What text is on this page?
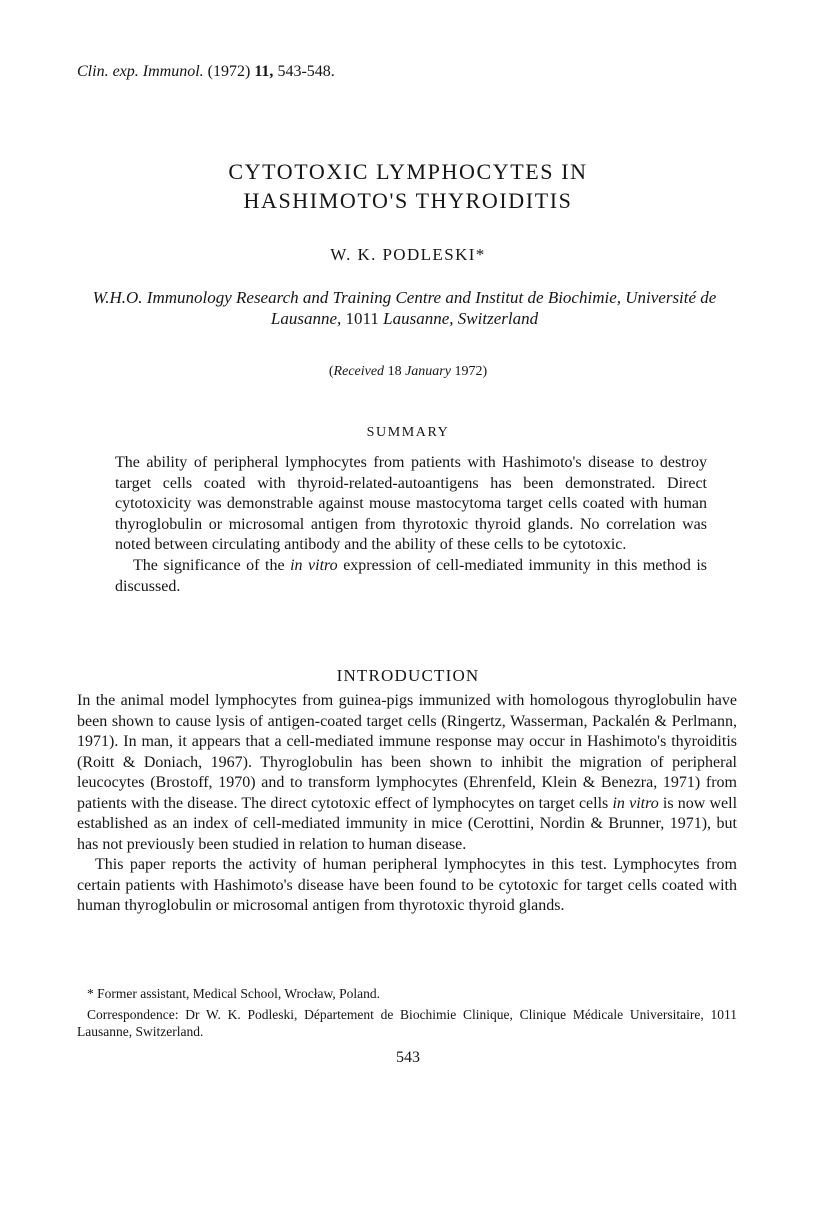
Clin. exp. Immunol. (1972) 11, 543-548.
CYTOTOXIC LYMPHOCYTES IN
HASHIMOTO'S THYROIDITIS
W. K. PODLESKI*
W.H.O. Immunology Research and Training Centre and Institut de Biochimie, Université de Lausanne, 1011 Lausanne, Switzerland
(Received 18 January 1972)
SUMMARY

The ability of peripheral lymphocytes from patients with Hashimoto's disease to destroy target cells coated with thyroid-related-autoantigens has been demonstrated. Direct cytotoxicity was demonstrable against mouse mastocytoma target cells coated with human thyroglobulin or microsomal antigen from thyrotoxic thyroid glands. No correlation was noted between circulating antibody and the ability of these cells to be cytotoxic.

The significance of the in vitro expression of cell-mediated immunity in this method is discussed.

INTRODUCTION

In the animal model lymphocytes from guinea-pigs immunized with homologous thyroglobulin have been shown to cause lysis of antigen-coated target cells (Ringertz, Wasserman, Packalén & Perlmann, 1971). In man, it appears that a cell-mediated immune response may occur in Hashimoto's thyroiditis (Roitt & Doniach, 1967). Thyroglobulin has been shown to inhibit the migration of peripheral leucocytes (Brostoff, 1970) and to transform lymphocytes (Ehrenfeld, Klein & Benezra, 1971) from patients with the disease. The direct cytotoxic effect of lymphocytes on target cells in vitro is now well established as an index of cell-mediated immunity in mice (Cerottini, Nordin & Brunner, 1971), but has not previously been studied in relation to human disease.

This paper reports the activity of human peripheral lymphocytes in this test. Lymphocytes from certain patients with Hashimoto's disease have been found to be cytotoxic for target cells coated with human thyroglobulin or microsomal antigen from thyrotoxic thyroid glands.

* Former assistant, Medical School, Wrocław, Poland.
Correspondence: Dr W. K. Podleski, Département de Biochimie Clinique, Clinique Médicale Universitaire, 1011 Lausanne, Switzerland.
543
